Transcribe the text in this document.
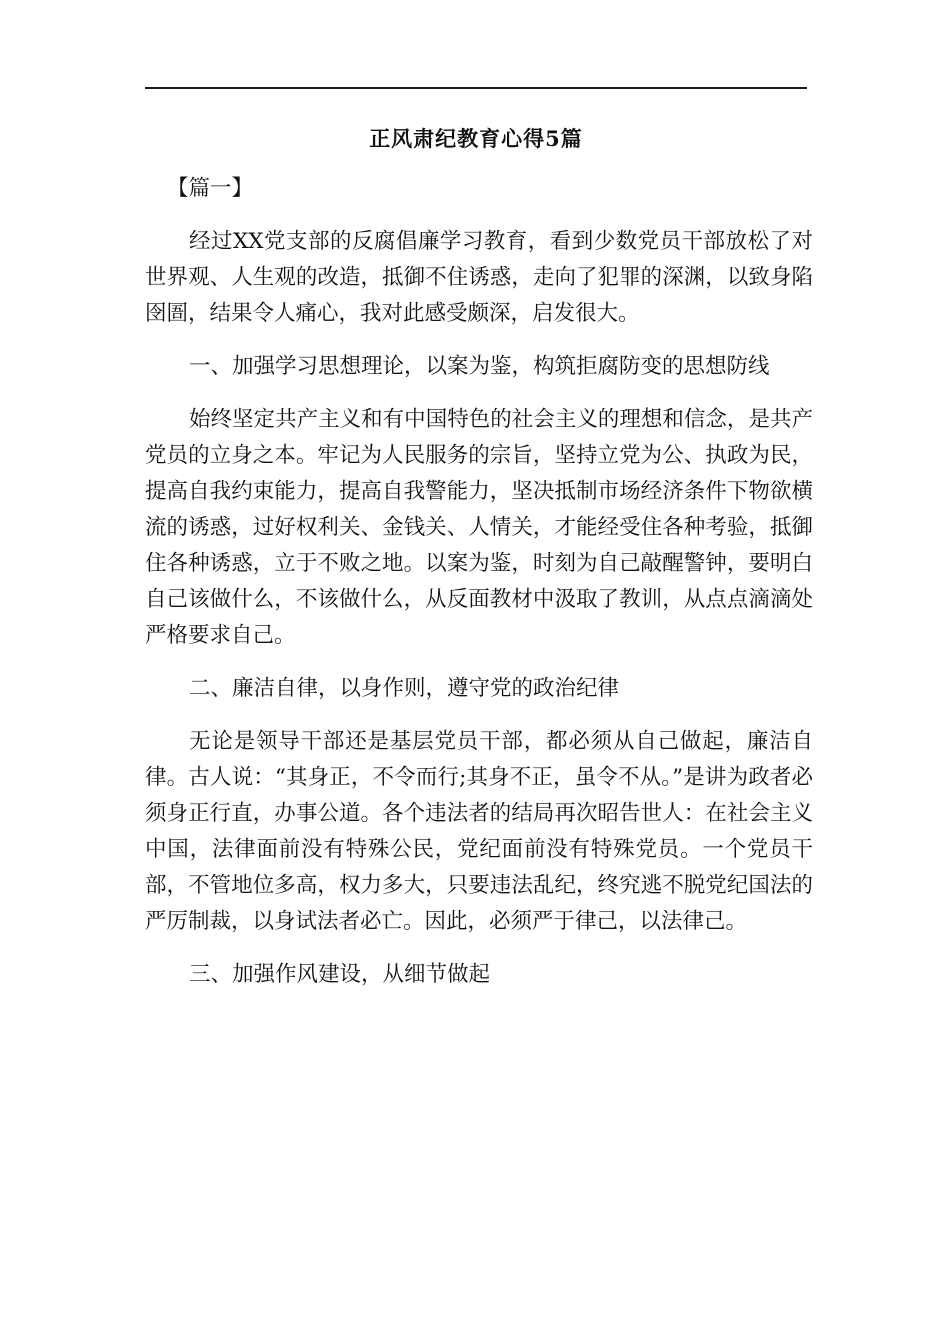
正风肃纪教育心得5篇

【篇一】

经过XX党支部的反腐倡廉学习教育，看到少数党员干部放松了对世界观、人生观的改造，抵御不住诱惑，走向了犯罪的深渊，以致身陷囹圄，结果令人痛心，我对此感受颇深，启发很大。

一、加强学习思想理论，以案为鉴，构筑拒腐防变的思想防线

始终坚定共产主义和有中国特色的社会主义的理想和信念，是共产党员的立身之本。牢记为人民服务的宗旨，坚持立党为公、执政为民，提高自我约束能力，提高自我警能力，坚决抵制市场经济条件下物欲横流的诱惑，过好权利关、金钱关、人情关，才能经受住各种考验，抵御住各种诱惑，立于不败之地。以案为鉴，时刻为自己敲醒警钟，要明白自己该做什么，不该做什么，从反面教材中汲取了教训，从点点滴滴处严格要求自己。

二、廉洁自律，以身作则，遵守党的政治纪律

无论是领导干部还是基层党员干部，都必须从自己做起，廉洁自律。古人说：“其身正，不令而行;其身不正，虽令不从。”是讲为政者必须身正行直，办事公道。各个违法者的结局再次昭告世人：在社会主义中国，法律面前没有特殊公民，党纪面前没有特殊党员。一个党员干部，不管地位多高，权力多大，只要违法乱纪，终究逃不脱党纪国法的严厉制裁，以身试法者必亡。因此，必须严于律己，以法律己。

三、加强作风建设，从细节做起
